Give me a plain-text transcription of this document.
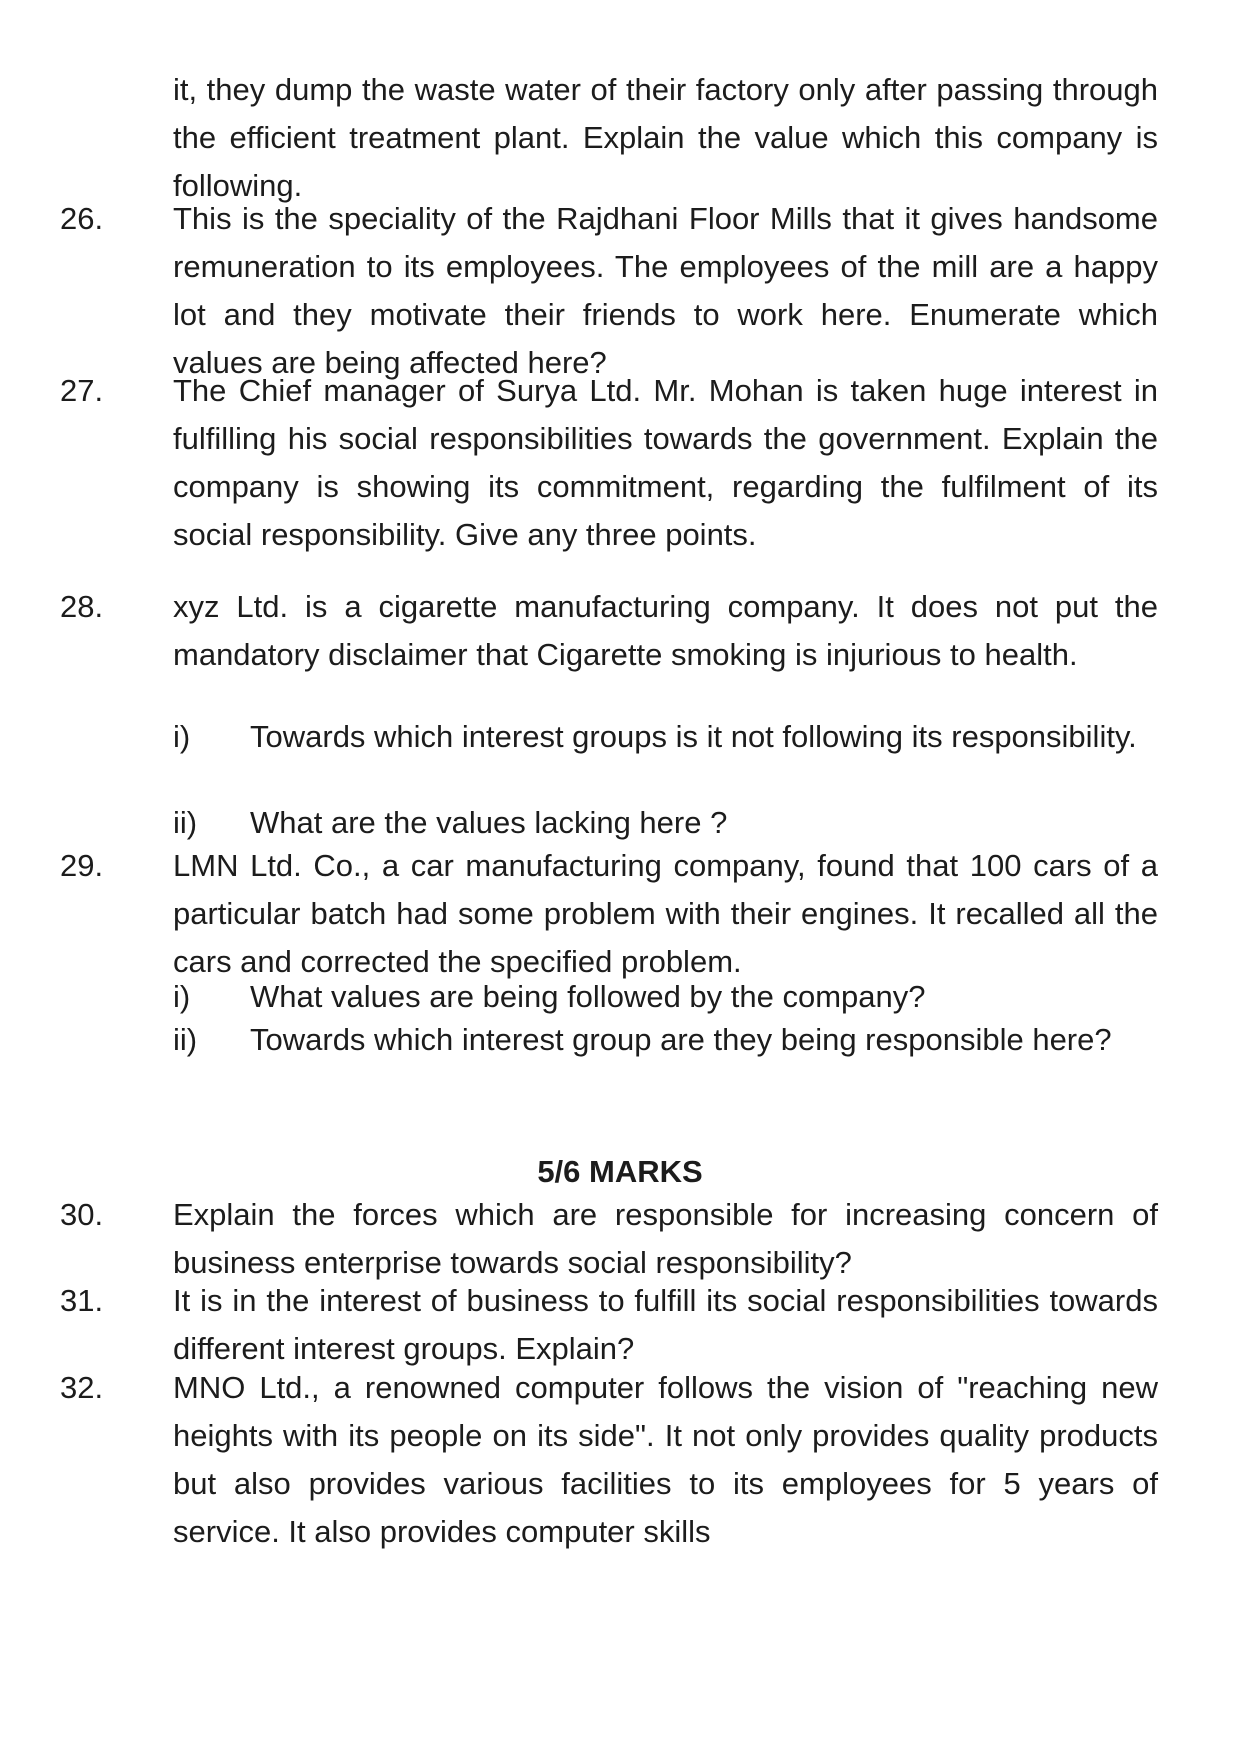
it, they dump the waste water of their factory only after passing through the efficient treatment plant. Explain the value which this company is following.

26. This is the speciality of the Rajdhani Floor Mills that it gives handsome remuneration to its employees. The employees of the mill are a happy lot and they motivate their friends to work here. Enumerate which values are being affected here?

27. The Chief manager of Surya Ltd. Mr. Mohan is taken huge interest in fulfilling his social responsibilities towards the government. Explain the company is showing its commitment, regarding the fulfilment of its social responsibility. Give any three points.

28. xyz Ltd. is a cigarette manufacturing company. It does not put the mandatory disclaimer that Cigarette smoking is injurious to health.

i) Towards which interest groups is it not following its responsibility.

ii) What are the values lacking here ?

29. LMN Ltd. Co., a car manufacturing company, found that 100 cars of a particular batch had some problem with their engines. It recalled all the cars and corrected the specified problem.

i) What values are being followed by the company?

ii) Towards which interest group are they being responsible here?

5/6 MARKS

30. Explain the forces which are responsible for increasing concern of business enterprise towards social responsibility?

31. It is in the interest of business to fulfill its social responsibilities towards different interest groups. Explain?

32. MNO Ltd., a renowned computer follows the vision of "reaching new heights with its people on its side". It not only provides quality products but also provides various facilities to its employees for 5 years of service. It also provides computer skills
